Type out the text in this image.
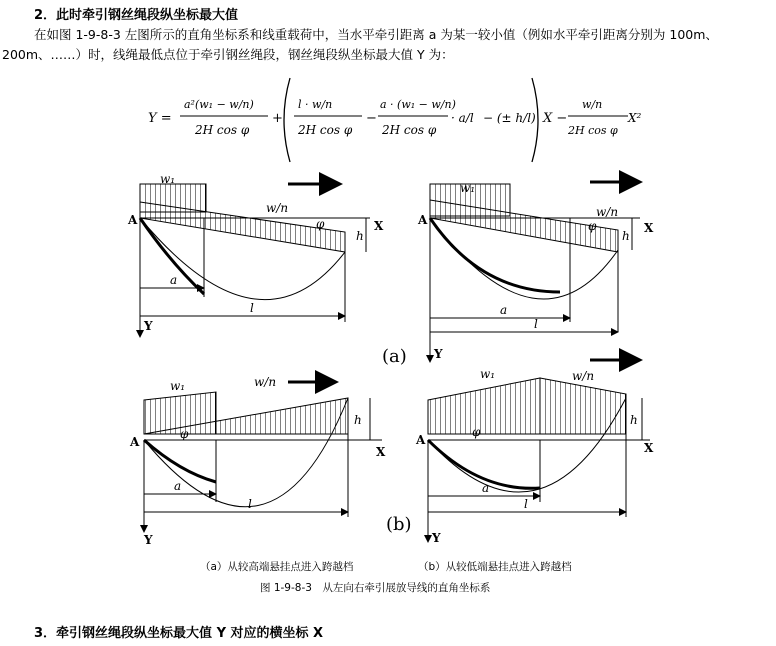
2．此时牵引钢丝绳段纵坐标最大值
在如图 1-9-8-3 左图所示的直角坐标系和线重载荷中，当水平牵引距离 a 为某一较小值（例如水平牵引距离分别为 100m、
200m、……）时，线绳最低点位于牵引钢丝绳段，钢丝绳段纵坐标最大值 Y 为：
Y =
a²(w₁ − w/n)
2H cos φ
+
l · w/n
2H cos φ
−
a · (w₁ − w/n)
2H cos φ
· a/l − (± h/l) X −
w/n
2H cos φ
X²
w₁
w/n
φ
h
A	X
Y
a
l
w₁
w/n
φ
h
A
X
Y
a
l
(a)
w₁	w/n
φ
h
A
X
Y
a
l
(b)
w₁	w/n
φ
h
A
X
Y
a
l
（a）从较高端悬挂点进入跨越档	（b）从较低端悬挂点进入跨越档
图 1-9-8-3　从左向右牵引展放导线的直角坐标系
3．牵引钢丝绳段纵坐标最大值 Y 对应的横坐标 X
